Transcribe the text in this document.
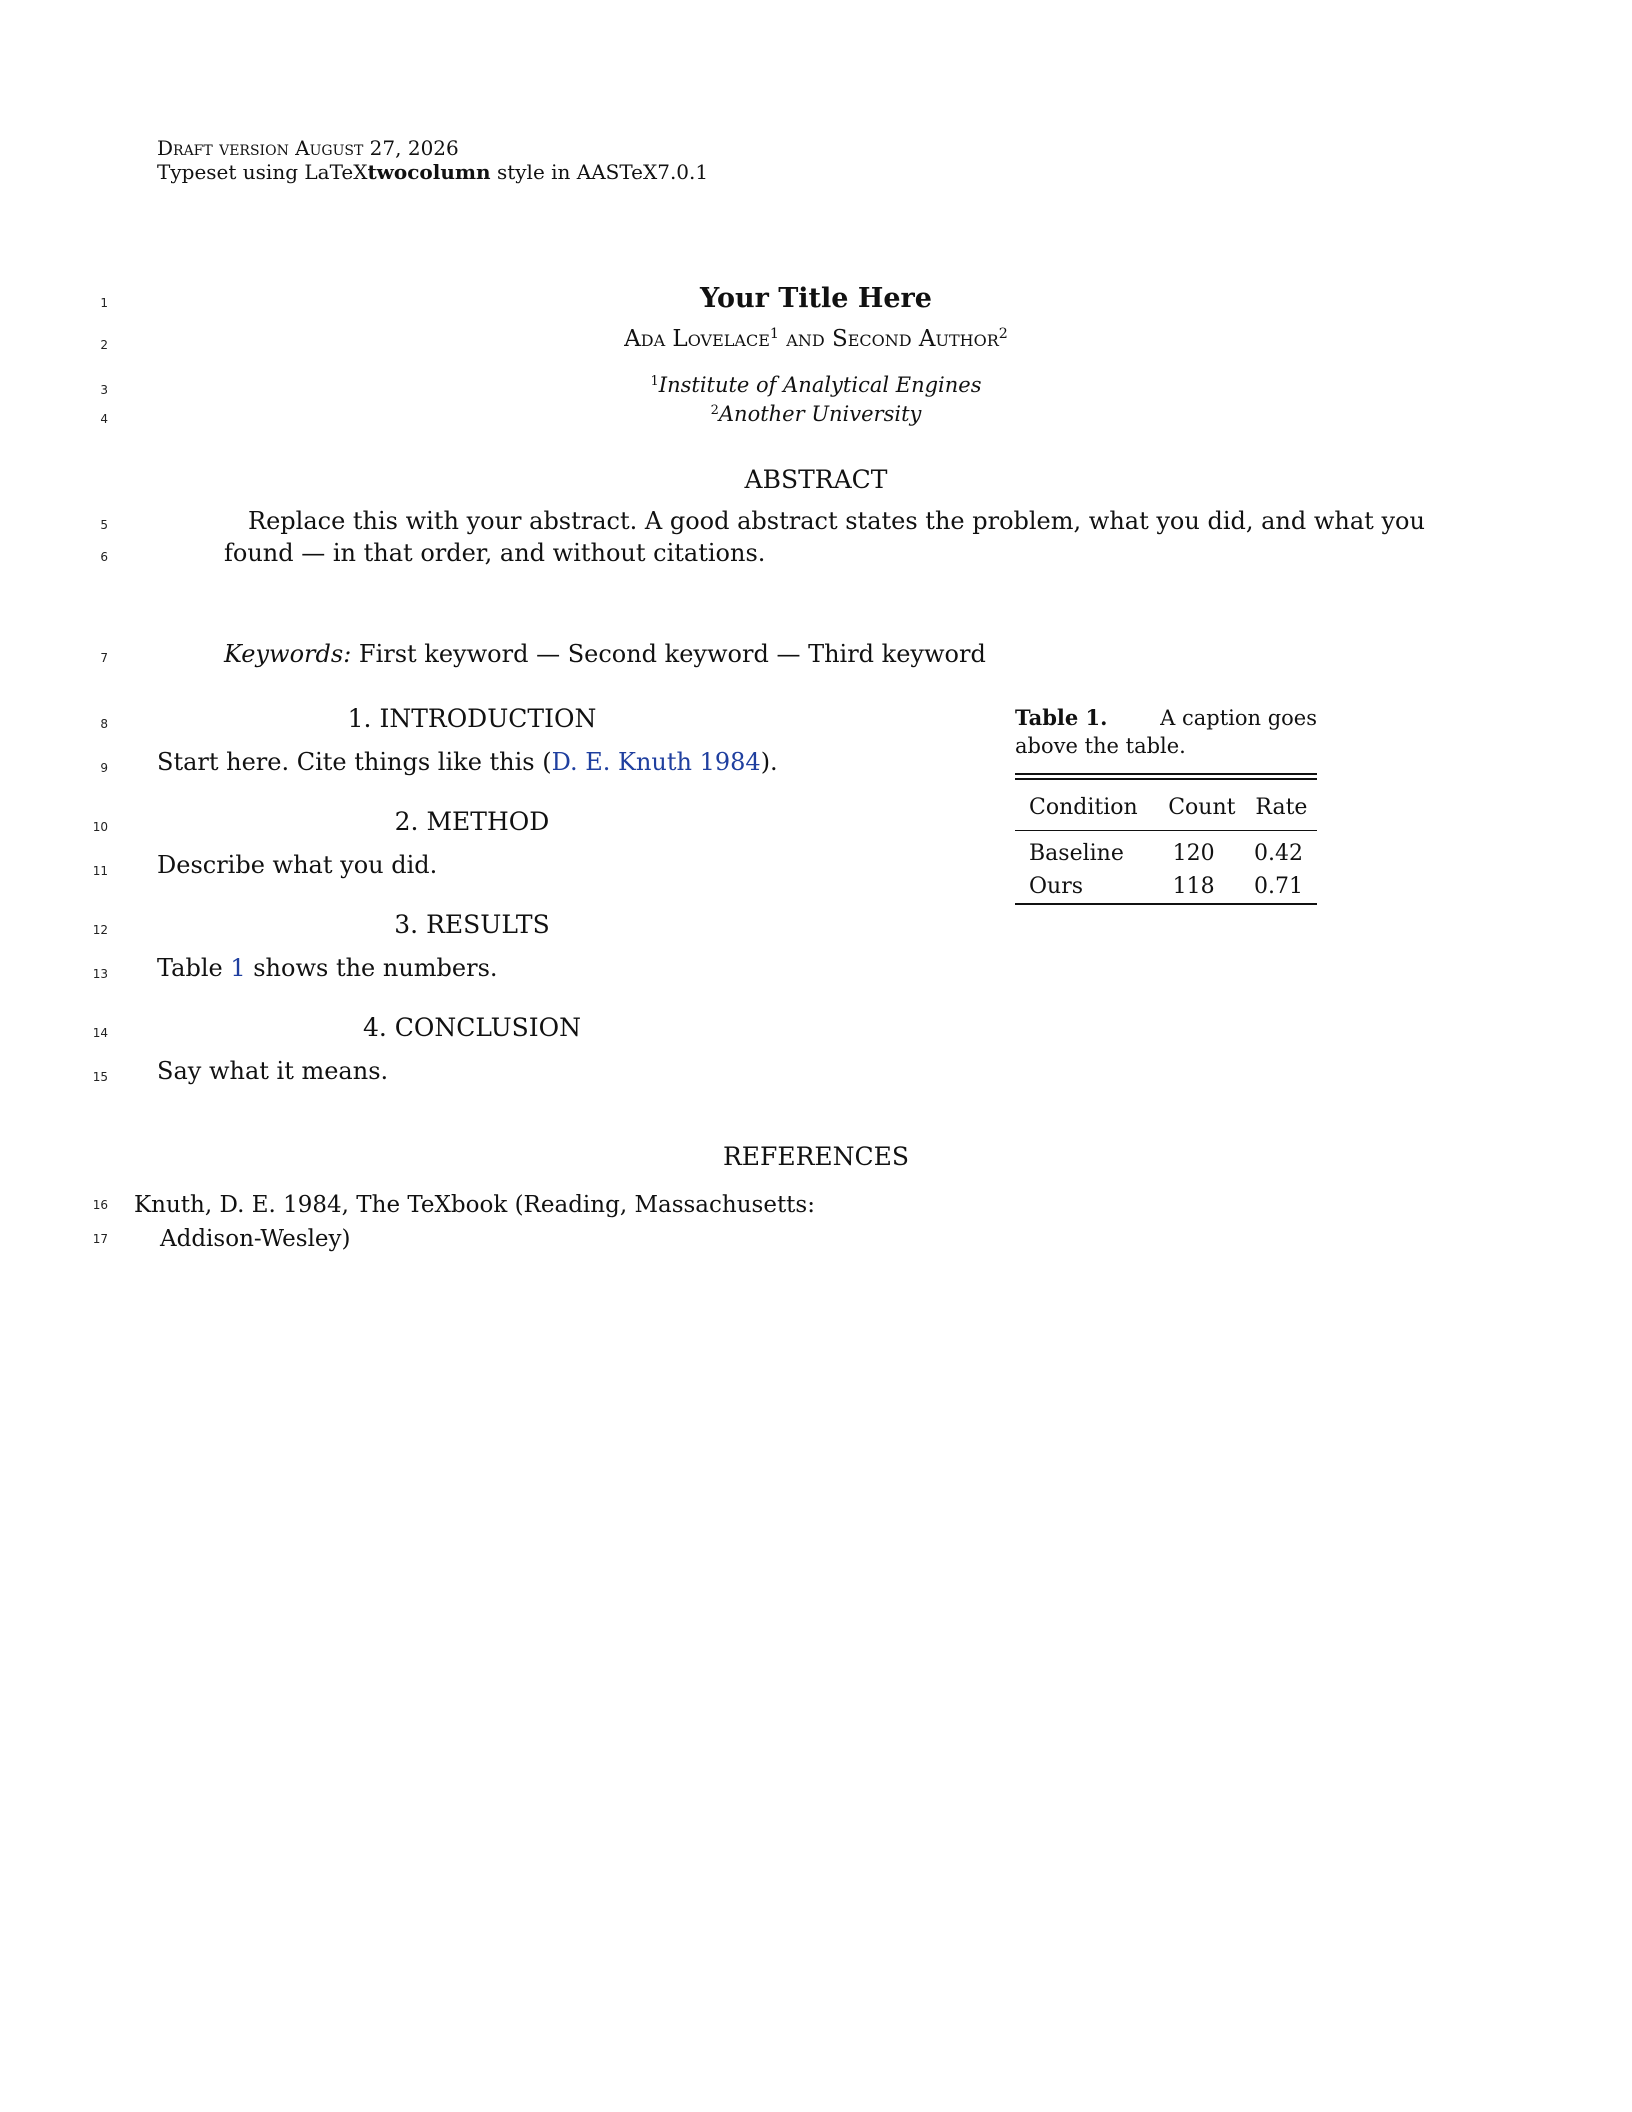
Draft version August 27, 2026
Typeset using LaTeXtwocolumn style in AASTeX7.0.1
1
2
3
4
5
6
7
8
9
10
11
12
13
14
15
16
17
Your Title Here
Ada Lovelace$^1$ and Second Author$^2$
$^1$Institute of Analytical Engines
$^2$Another University
ABSTRACT
Replace this with your abstract. A good abstract states the problem, what you did, and what you
found — in that order, and without citations.
Keywords: First keyword — Second keyword — Third keyword
1. INTRODUCTION
Start here. Cite things like this (D. E. Knuth 1984).
2. METHOD
Describe what you did.
3. RESULTS
Table 1 shows the numbers.
4. CONCLUSION
Say what it means.
Table 1.	A caption goes
above the table.
Condition	Count	Rate
Baseline	120	0.42
Ours	118	0.71
REFERENCES
Knuth, D. E. 1984, The TeXbook (Reading, Massachusetts:
Addison-Wesley)
